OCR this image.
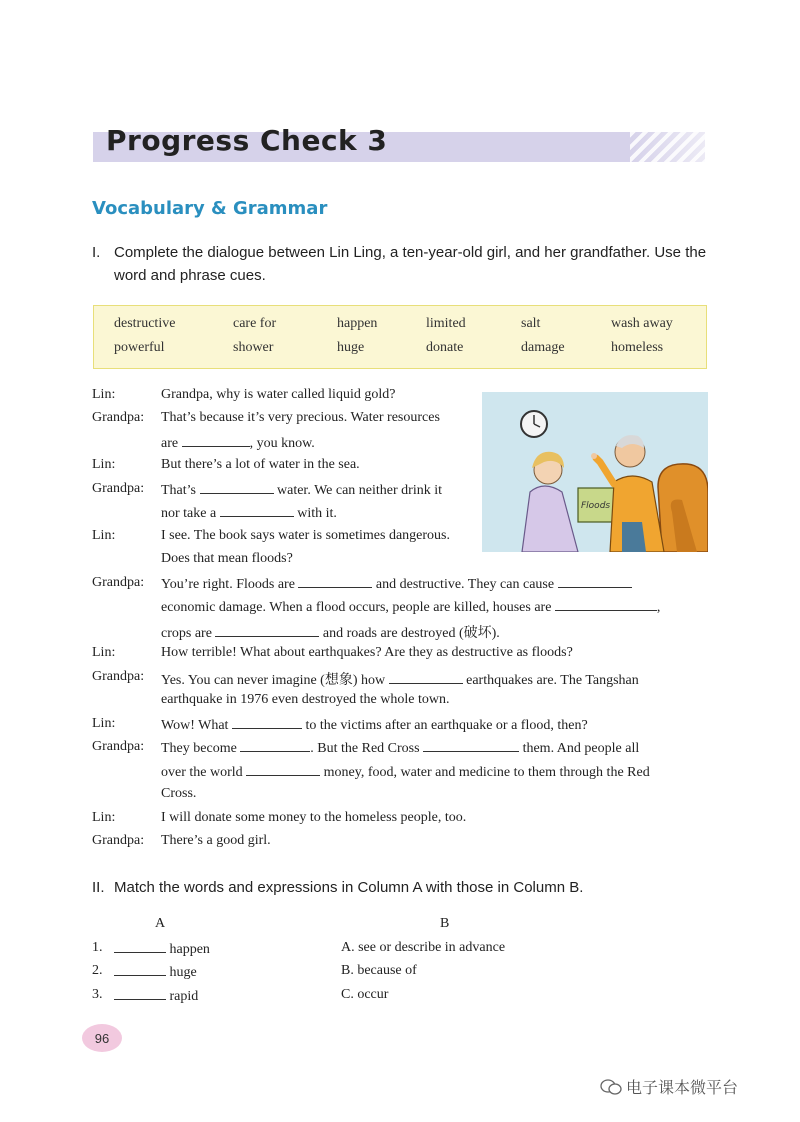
Progress Check 3
Vocabulary & Grammar
I. Complete the dialogue between Lin Ling, a ten-year-old girl, and her grandfather. Use the
word and phrase cues.
destructive	care for	happen	limited	salt	wash away
powerful	shower	huge	donate	damage	homeless
Floods
Lin:	Grandpa, why is water called liquid gold?
Grandpa: That’s because it’s very precious. Water resources
are	, you know.
Lin:	But there’s a lot of water in the sea.
Grandpa: That’s	water. We can neither drink it
nor take a	with it.
Lin:	I see. The book says water is sometimes dangerous.
Does that mean floods?
Grandpa: You’re right. Floods are	and destructive. They can cause
economic damage. When a flood occurs, people are killed, houses are	,
crops are	and roads are destroyed (破坏).
Lin:	How terrible! What about earthquakes? Are they as destructive as floods?
Grandpa: Yes. You can never imagine (想象) how	earthquakes are. The Tangshan
earthquake in 1976 even destroyed the whole town.
Lin:	Wow! What	to the victims after an earthquake or a flood, then?
Grandpa: They become	. But the Red Cross	them. And people all
over the world	money, food, water and medicine to them through the Red
Cross.
Lin:	I will donate some money to the homeless people, too.
Grandpa: There’s a good girl.
II. Match the words and expressions in Column A with those in Column B.
A	B
1.	happen	A. see or describe in advance
2.	huge	B. because of
3.	rapid	C. occur
96
电子课本微平台
